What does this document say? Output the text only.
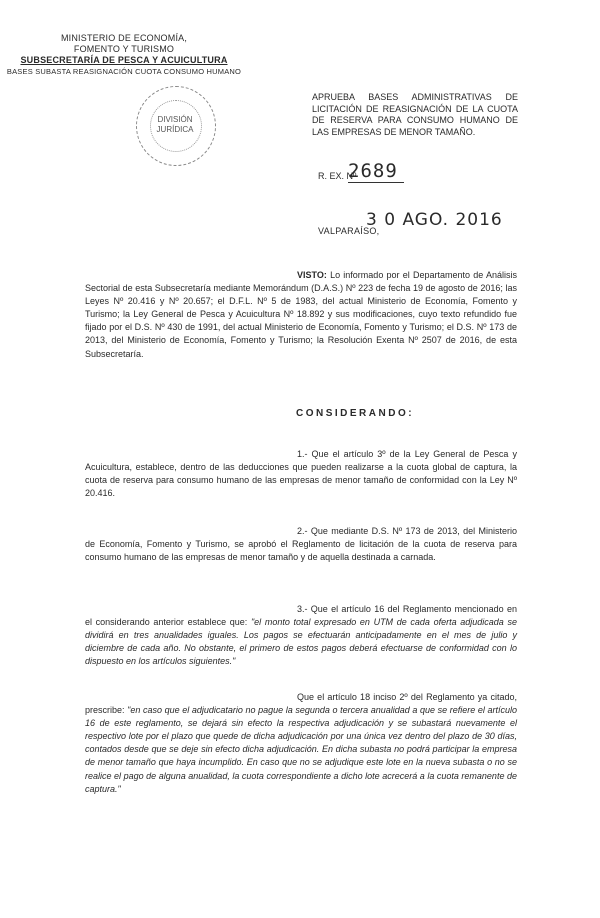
MINISTERIO DE ECONOMÍA,
FOMENTO Y TURISMO
SUBSECRETARÍA DE PESCA Y ACUICULTURA
BASES SUBASTA REASIGNACIÓN CUOTA CONSUMO HUMANO
DIVISIÓN
JURÍDICA
APRUEBA BASES ADMINISTRATIVAS DE LICITACIÓN DE REASIGNACIÓN DE LA CUOTA DE RESERVA PARA CONSUMO HUMANO DE LAS EMPRESAS DE MENOR TAMAÑO.
R. EX. Nº
2689
VALPARAÍSO,
3 0 AGO. 2016
VISTO: Lo informado por el Departamento de Análisis Sectorial de esta Subsecretaría mediante Memorándum (D.A.S.) Nº 223 de fecha 19 de agosto de 2016; las Leyes Nº 20.416 y Nº 20.657; el D.F.L. Nº 5 de 1983, del actual Ministerio de Economía, Fomento y Turismo; la Ley General de Pesca y Acuicultura Nº 18.892 y sus modificaciones, cuyo texto refundido fue fijado por el D.S. Nº 430 de 1991, del actual Ministerio de Economía, Fomento y Turismo; el D.S. Nº 173 de 2013, del Ministerio de Economía, Fomento y Turismo; la Resolución Exenta Nº 2507 de 2016, de esta Subsecretaría.
CONSIDERANDO:
1.- Que el artículo 3º de la Ley General de Pesca y Acuicultura, establece, dentro de las deducciones que pueden realizarse a la cuota global de captura, la cuota de reserva para consumo humano de las empresas de menor tamaño de conformidad con la Ley Nº 20.416.
2.- Que mediante D.S. Nº 173 de 2013, del Ministerio de Economía, Fomento y Turismo, se aprobó el Reglamento de licitación de la cuota de reserva para consumo humano de las empresas de menor tamaño y de aquella destinada a carnada.
3.- Que el artículo 16 del Reglamento mencionado en el considerando anterior establece que: "el monto total expresado en UTM de cada oferta adjudicada se dividirá en tres anualidades iguales. Los pagos se efectuarán anticipadamente en el mes de julio y diciembre de cada año. No obstante, el primero de estos pagos deberá efectuarse de conformidad con lo dispuesto en los artículos siguientes."
Que el artículo 18 inciso 2º del Reglamento ya citado, prescribe: "en caso que el adjudicatario no pague la segunda o tercera anualidad a que se refiere el artículo 16 de este reglamento, se dejará sin efecto la respectiva adjudicación y se subastará nuevamente el respectivo lote por el plazo que quede de dicha adjudicación por una única vez dentro del plazo de 30 días, contados desde que se deje sin efecto dicha adjudicación. En dicha subasta no podrá participar la empresa de menor tamaño que haya incumplido. En caso que no se adjudique este lote en la nueva subasta o no se realice el pago de alguna anualidad, la cuota correspondiente a dicho lote acrecerá a la cuota remanente de captura."
